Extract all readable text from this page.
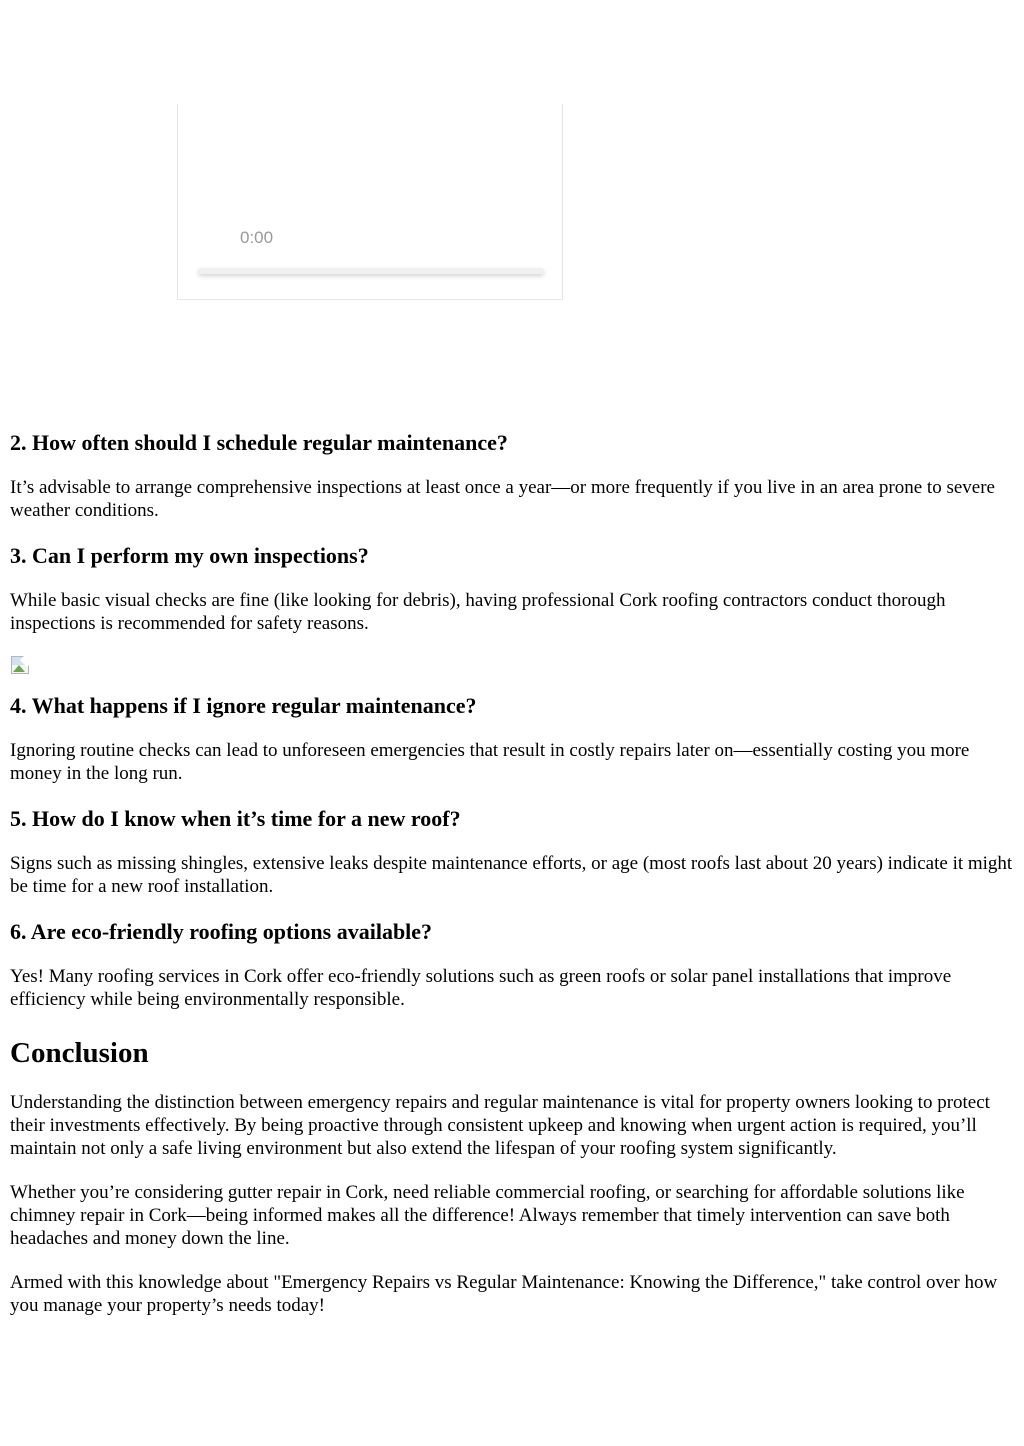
0:00
2. How often should I schedule regular maintenance?

It’s advisable to arrange comprehensive inspections at least once a year—or more frequently if you live in an area prone to severe weather conditions.

3. Can I perform my own inspections?

While basic visual checks are fine (like looking for debris), having professional Cork roofing contractors conduct thorough inspections is recommended for safety reasons.

4. What happens if I ignore regular maintenance?

Ignoring routine checks can lead to unforeseen emergencies that result in costly repairs later on—essentially costing you more money in the long run.

5. How do I know when it’s time for a new roof?

Signs such as missing shingles, extensive leaks despite maintenance efforts, or age (most roofs last about 20 years) indicate it might be time for a new roof installation.

6. Are eco-friendly roofing options available?

Yes! Many roofing services in Cork offer eco-friendly solutions such as green roofs or solar panel installations that improve efficiency while being environmentally responsible.

Conclusion

Understanding the distinction between emergency repairs and regular maintenance is vital for property owners looking to protect their investments effectively. By being proactive through consistent upkeep and knowing when urgent action is required, you’ll maintain not only a safe living environment but also extend the lifespan of your roofing system significantly.

Whether you’re considering gutter repair in Cork, need reliable commercial roofing, or searching for affordable solutions like chimney repair in Cork—being informed makes all the difference! Always remember that timely intervention can save both headaches and money down the line.

Armed with this knowledge about "Emergency Repairs vs Regular Maintenance: Knowing the Difference," take control over how you manage your property’s needs today!
